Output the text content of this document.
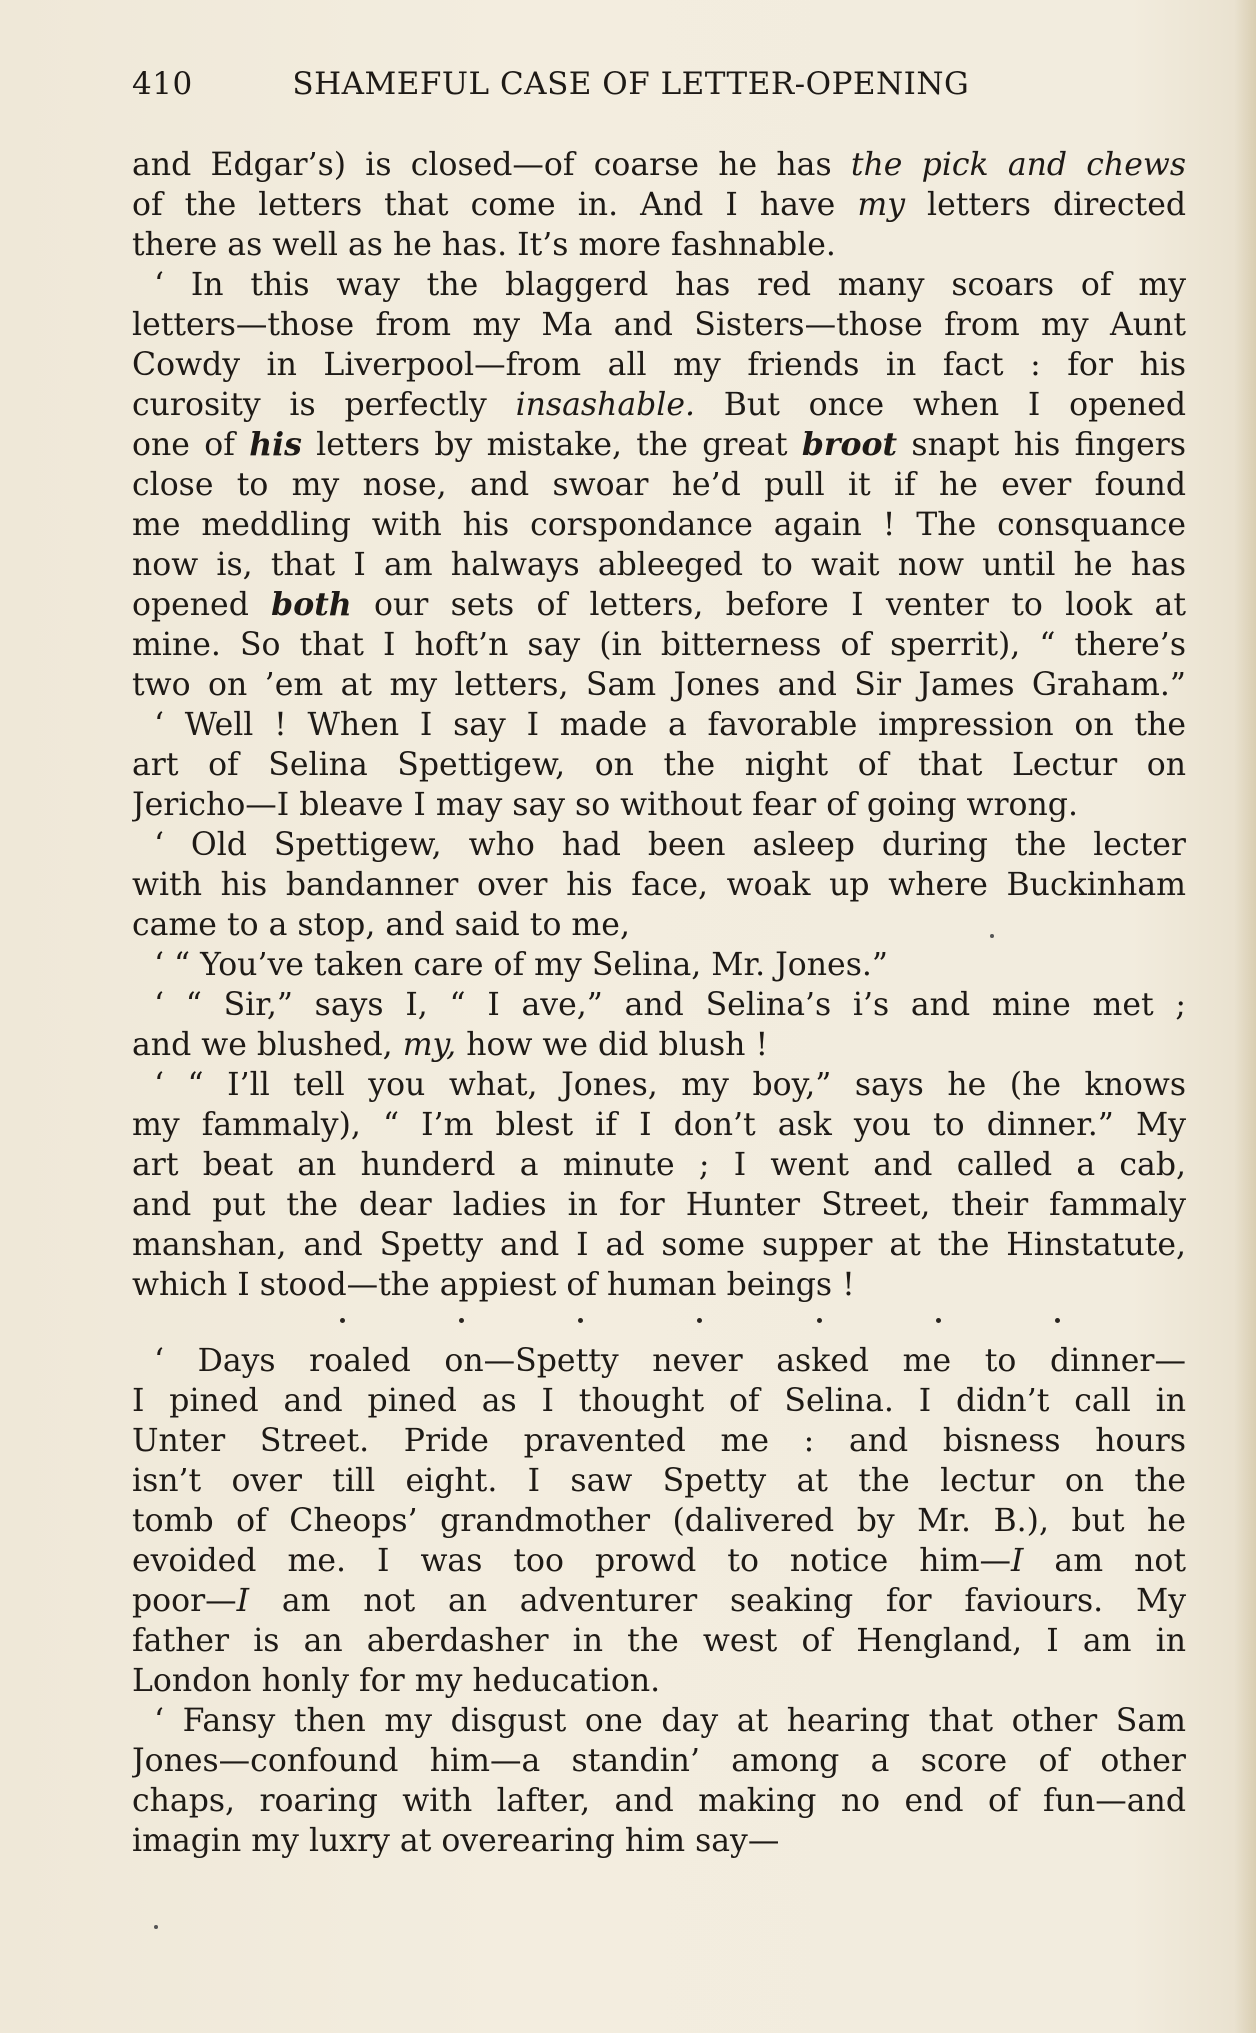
410	SHAMEFUL CASE OF LETTER-OPENING
and Edgar’s) is closed—of coarse he has the pick and chews
of the letters that come in. And I have my letters directed
there as well as he has. It’s more fashnable.
‘ In this way the blaggerd has red many scoars of my
letters—those from my Ma and Sisters—those from my Aunt
Cowdy in Liverpool—from all my friends in fact : for his
curosity is perfectly insashable. But once when I opened
one of his letters by mistake, the great broot snapt his fingers
close to my nose, and swoar he’d pull it if he ever found
me meddling with his corspondance again ! The consquance
now is, that I am halways ableeged to wait now until he has
opened both our sets of letters, before I venter to look at
mine. So that I hoft’n say (in bitterness of sperrit), “ there’s
two on ’em at my letters, Sam Jones and Sir James Graham.”
‘ Well ! When I say I made a favorable impression on the
art of Selina Spettigew, on the night of that Lectur on
Jericho—I bleave I may say so without fear of going wrong.
‘ Old Spettigew, who had been asleep during the lecter
with his bandanner over his face, woak up where Buckinham
came to a stop, and said to me,
‘ “ You’ve taken care of my Selina, Mr. Jones.”
‘ “ Sir,” says I, “ I ave,” and Selina’s i’s and mine met ;
and we blushed, my, how we did blush !
‘ “ I’ll tell you what, Jones, my boy,” says he (he knows
my fammaly), “ I’m blest if I don’t ask you to dinner.” My
art beat an hunderd a minute ; I went and called a cab,
and put the dear ladies in for Hunter Street, their fammaly
manshan, and Spetty and I ad some supper at the Hinstatute,
which I stood—the appiest of human beings !
‘ Days roaled on—Spetty never asked me to dinner—
I pined and pined as I thought of Selina. I didn’t call in
Unter Street. Pride pravented me : and bisness hours
isn’t over till eight. I saw Spetty at the lectur on the
tomb of Cheops’ grandmother (dalivered by Mr. B.), but he
evoided me. I was too prowd to notice him—I am not
poor—I am not an adventurer seaking for faviours. My
father is an aberdasher in the west of Hengland, I am in
London honly for my heducation.
‘ Fansy then my disgust one day at hearing that other Sam
Jones—confound him—a standin’ among a score of other
chaps, roaring with lafter, and making no end of fun—and
imagin my luxry at overearing him say—
